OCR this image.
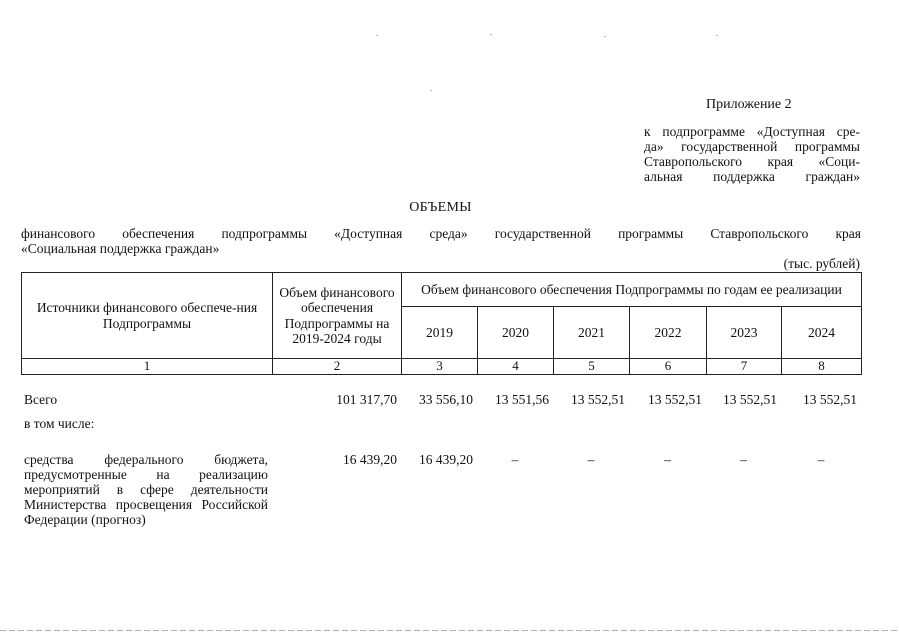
Приложение 2
к подпрограмме «Доступная сре-
да» государственной программы
Ставропольского края «Соци-
альная поддержка граждан»
ОБЪЕМЫ
финансового обеспечения подпрограммы «Доступная среда» государственной программы Ставропольского края
«Социальная поддержка граждан»
(тыс. рублей)
Источники финансового обеспече-ния Подпрограммы	Объем финансового обеспечения Подпрограммы на 2019-2024 годы	Объем финансового обеспечения Подпрограммы по годам ее реализации					
		2019	2020	2021	2022	2023	2024
1	2	3	4	5	6	7	8
Всего	101 317,70	33 556,10	13 551,56	13 552,51	13 552,51	13 552,51	13 552,51
в том числе:							
средства федерального бюджета, предусмотренные на реализацию мероприятий в сфере деятельности Министерства просвещения Российской Федерации (прогноз)	16 439,20	16 439,20	–	–	–	–	–
